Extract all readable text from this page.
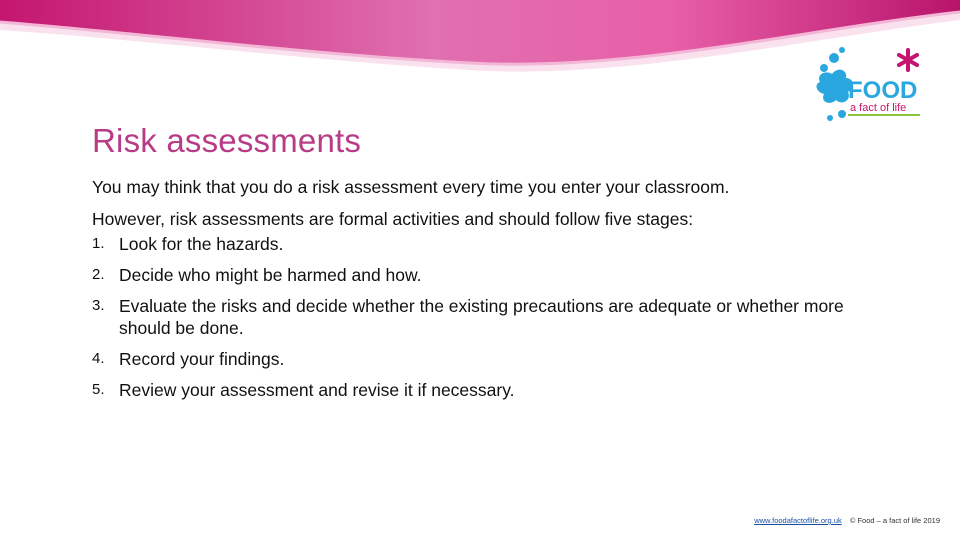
FOOD
a fact of life
Risk assessments

You may think that you do a risk assessment every time you enter your classroom.

However, risk assessments are formal activities and should follow five stages:

1. Look for the hazards.
2. Decide who might be harmed and how.
3. Evaluate the risks and decide whether the existing precautions are adequate or whether more should be done.
4. Record your findings.
5. Review your assessment and revise it if necessary.
www.foodafactoflife.org.uk © Food – a fact of life 2019
